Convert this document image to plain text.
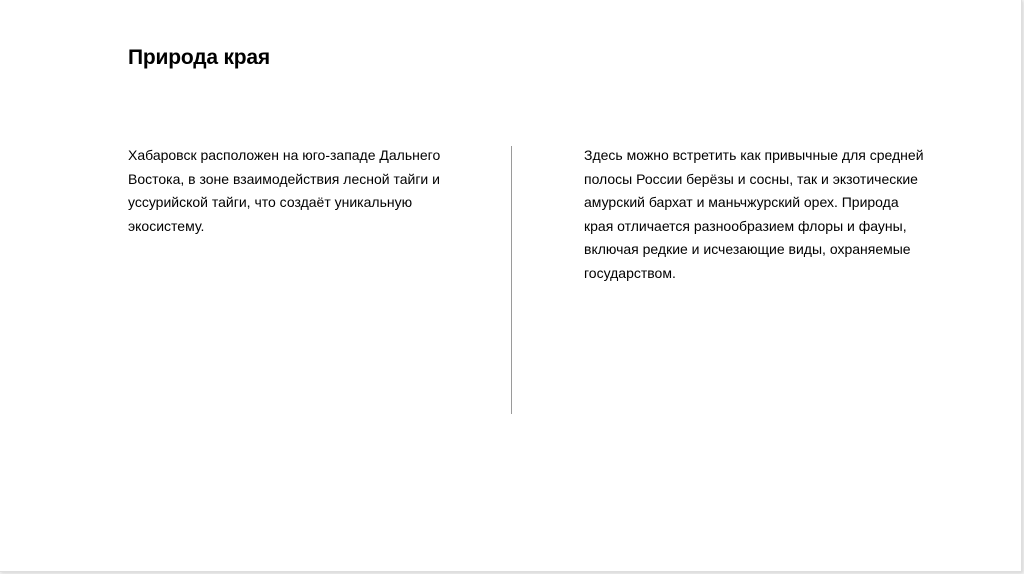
Природа края

Хабаровск расположен на юго-западе Дальнего Востока, в зоне взаимодействия лесной тайги и уссурийской тайги, что создаёт уникальную экосистему.

Здесь можно встретить как привычные для средней полосы России берёзы и сосны, так и экзотические амурский бархат и маньчжурский орех. Природа края отличается разнообразием флоры и фауны, включая редкие и исчезающие виды, охраняемые государством.
